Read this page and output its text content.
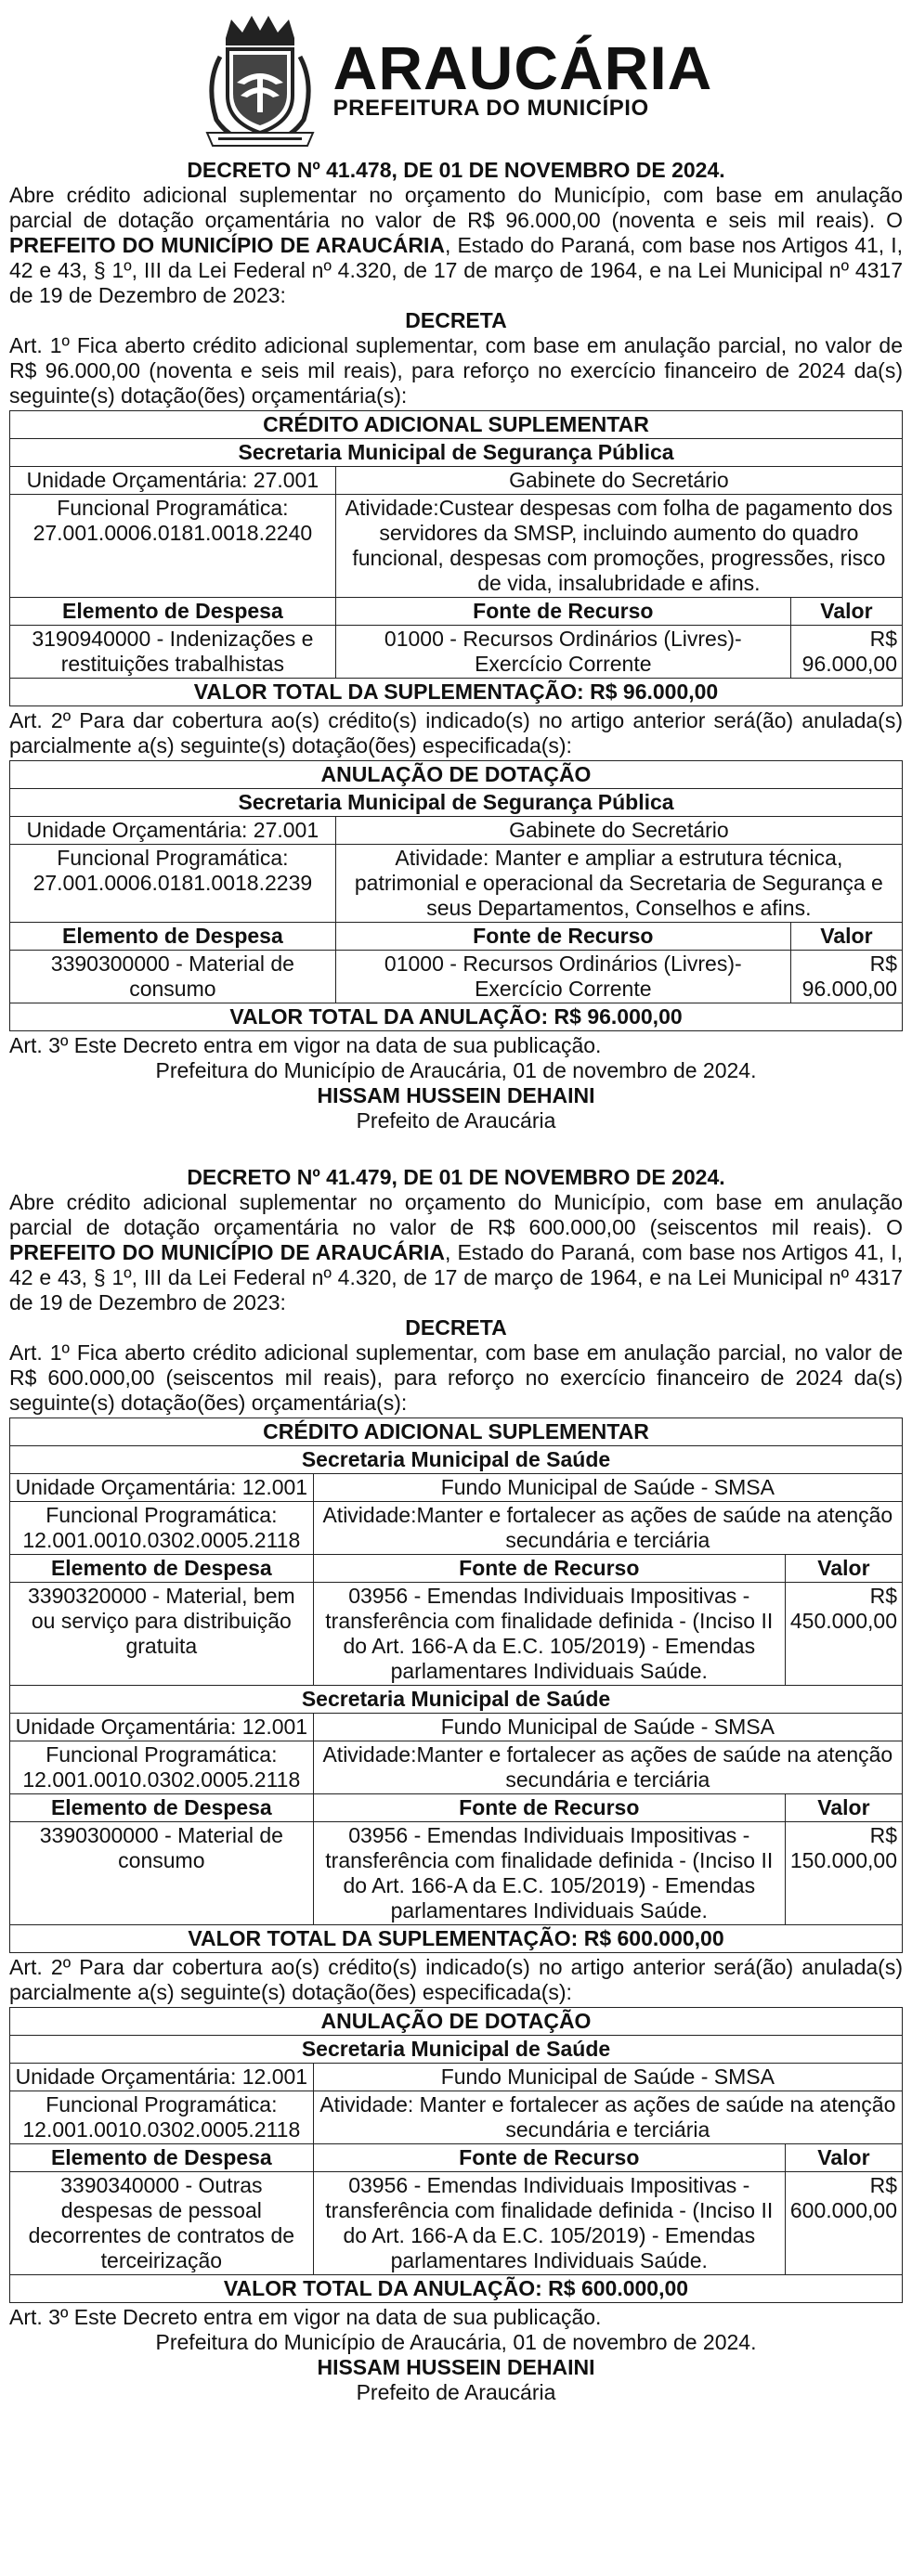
ARAUCÁRIA
PREFEITURA DO MUNICÍPIO
DECRETO Nº 41.478, DE 01 DE NOVEMBRO DE 2024.

Abre crédito adicional suplementar no orçamento do Município, com base em anulação parcial de dotação orçamentária no valor de R$ 96.000,00 (noventa e seis mil reais). O PREFEITO DO MUNICÍPIO DE ARAUCÁRIA, Estado do Paraná, com base nos Artigos 41, I, 42 e 43, § 1º, III da Lei Federal nº 4.320, de 17 de março de 1964, e na Lei Municipal nº 4317 de 19 de Dezembro de 2023:

DECRETA

Art. 1º Fica aberto crédito adicional suplementar, com base em anulação parcial, no valor de R$ 96.000,00 (noventa e seis mil reais), para reforço no exercício financeiro de 2024 da(s) seguinte(s) dotação(ões) orçamentária(s):

CRÉDITO ADICIONAL SUPLEMENTAR		
Secretaria Municipal de Segurança Pública		
Unidade Orçamentária: 27.001	Gabinete do Secretário	
Funcional Programática: 27.001.0006.0181.0018.2240	Atividade:Custear despesas com folha de pagamento dos servidores da SMSP, incluindo aumento do quadro funcional, despesas com promoções, progressões, risco de vida, insalubridade e afins.	
Elemento de Despesa	Fonte de Recurso	Valor
3190940000 - Indenizações e restituições trabalhistas	01000 - Recursos Ordinários (Livres)- Exercício Corrente	R$ 96.000,00
VALOR TOTAL DA SUPLEMENTAÇÃO: R$ 96.000,00		

Art. 2º Para dar cobertura ao(s) crédito(s) indicado(s) no artigo anterior será(ão) anulada(s) parcialmente a(s) seguinte(s) dotação(ões) especificada(s):

ANULAÇÃO DE DOTAÇÃO		
Secretaria Municipal de Segurança Pública		
Unidade Orçamentária: 27.001	Gabinete do Secretário	
Funcional Programática: 27.001.0006.0181.0018.2239	Atividade: Manter e ampliar a estrutura técnica, patrimonial e operacional da Secretaria de Segurança e seus Departamentos, Conselhos e afins.	
Elemento de Despesa	Fonte de Recurso	Valor
3390300000 - Material de consumo	01000 - Recursos Ordinários (Livres)- Exercício Corrente	R$ 96.000,00
VALOR TOTAL DA ANULAÇÃO: R$ 96.000,00		

Art. 3º Este Decreto entra em vigor na data de sua publicação.

Prefeitura do Município de Araucária, 01 de novembro de 2024.
HISSAM HUSSEIN DEHAINI
Prefeito de Araucária
DECRETO Nº 41.479, DE 01 DE NOVEMBRO DE 2024.

Abre crédito adicional suplementar no orçamento do Município, com base em anulação parcial de dotação orçamentária no valor de R$ 600.000,00 (seiscentos mil reais). O PREFEITO DO MUNICÍPIO DE ARAUCÁRIA, Estado do Paraná, com base nos Artigos 41, I, 42 e 43, § 1º, III da Lei Federal nº 4.320, de 17 de março de 1964, e na Lei Municipal nº 4317 de 19 de Dezembro de 2023:

DECRETA

Art. 1º Fica aberto crédito adicional suplementar, com base em anulação parcial, no valor de R$ 600.000,00 (seiscentos mil reais), para reforço no exercício financeiro de 2024 da(s) seguinte(s) dotação(ões) orçamentária(s):

CRÉDITO ADICIONAL SUPLEMENTAR		
Secretaria Municipal de Saúde		
Unidade Orçamentária: 12.001	Fundo Municipal de Saúde - SMSA	
Funcional Programática: 12.001.0010.0302.0005.2118	Atividade:Manter e fortalecer as ações de saúde na atenção secundária e terciária	
Elemento de Despesa	Fonte de Recurso	Valor
3390320000 - Material, bem ou serviço para distribuição gratuita	03956 - Emendas Individuais Impositivas - transferência com finalidade definida - (Inciso II do Art. 166-A da E.C. 105/2019) - Emendas parlamentares Individuais Saúde.	R$ 450.000,00
Secretaria Municipal de Saúde		
Unidade Orçamentária: 12.001	Fundo Municipal de Saúde - SMSA	
Funcional Programática: 12.001.0010.0302.0005.2118	Atividade:Manter e fortalecer as ações de saúde na atenção secundária e terciária	
Elemento de Despesa	Fonte de Recurso	Valor
3390300000 - Material de consumo	03956 - Emendas Individuais Impositivas - transferência com finalidade definida - (Inciso II do Art. 166-A da E.C. 105/2019) - Emendas parlamentares Individuais Saúde.	R$ 150.000,00
VALOR TOTAL DA SUPLEMENTAÇÃO: R$ 600.000,00		

Art. 2º Para dar cobertura ao(s) crédito(s) indicado(s) no artigo anterior será(ão) anulada(s) parcialmente a(s) seguinte(s) dotação(ões) especificada(s):

ANULAÇÃO DE DOTAÇÃO		
Secretaria Municipal de Saúde		
Unidade Orçamentária: 12.001	Fundo Municipal de Saúde - SMSA	
Funcional Programática: 12.001.0010.0302.0005.2118	Atividade: Manter e fortalecer as ações de saúde na atenção secundária e terciária	
Elemento de Despesa	Fonte de Recurso	Valor
3390340000 - Outras despesas de pessoal decorrentes de contratos de terceirização	03956 - Emendas Individuais Impositivas - transferência com finalidade definida - (Inciso II do Art. 166-A da E.C. 105/2019) - Emendas parlamentares Individuais Saúde.	R$ 600.000,00
VALOR TOTAL DA ANULAÇÃO: R$ 600.000,00		

Art. 3º Este Decreto entra em vigor na data de sua publicação.

Prefeitura do Município de Araucária, 01 de novembro de 2024.
HISSAM HUSSEIN DEHAINI
Prefeito de Araucária
